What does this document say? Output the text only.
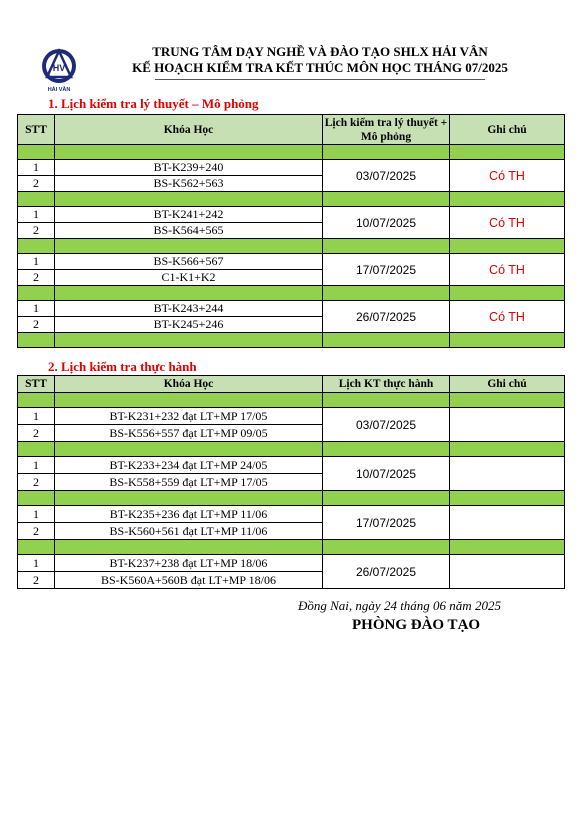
HV
HẢI VÂN
TRUNG TÂM DẠY NGHỀ VÀ ĐÀO TẠO SHLX HẢI VÂN
KẾ HOẠCH KIỂM TRA KẾT THÚC MÔN HỌC THÁNG 07/2025
1. Lịch kiểm tra lý thuyết – Mô phỏng
STT	Khóa Học	Lịch kiểm tra lý thuyết + Mô phỏng	Ghi chú

1	BT-K239+240	03/07/2025	Có TH
2	BS-K562+563		

1	BT-K241+242	10/07/2025	Có TH
2	BS-K564+565		

1	BS-K566+567	17/07/2025	Có TH
2	C1-K1+K2		

1	BT-K243+244	26/07/2025	Có TH
2	BT-K245+246		

2. Lịch kiểm tra thực hành
STT	Khóa Học	Lịch KT thực hành	Ghi chú

1	BT-K231+232 đạt LT+MP 17/05	03/07/2025	
2	BS-K556+557 đạt LT+MP 09/05		

1	BT-K233+234 đạt LT+MP 24/05	10/07/2025	
2	BS-K558+559 đạt LT+MP 17/05		

1	BT-K235+236 đạt LT+MP 11/06	17/07/2025	
2	BS-K560+561 đạt LT+MP 11/06		

1	BT-K237+238 đạt LT+MP 18/06	26/07/2025	
2	BS-K560A+560B đạt LT+MP 18/06		
Đồng Nai, ngày 24 tháng 06 năm 2025
PHÒNG ĐÀO TẠO
